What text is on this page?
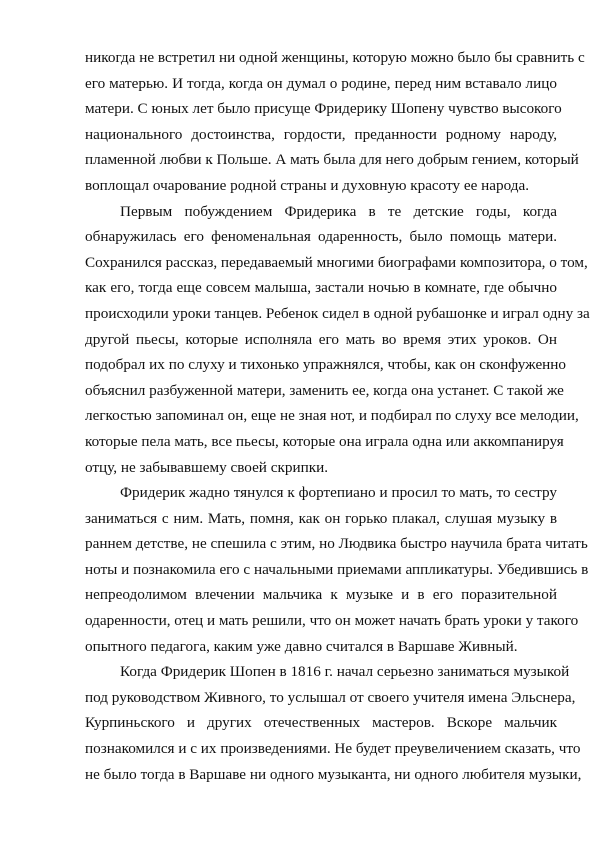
никогда не встретил ни одной женщины, которую можно было бы сравнить с
его матерью. И тогда, когда он думал о родине, перед ним вставало лицо
матери. С юных лет было присуще Фридерику Шопену чувство высокого
национального достоинства, гордости, преданности родному народу,
пламенной любви к Польше. А мать была для него добрым гением, который
воплощал очарование родной страны и духовную красоту ее народа.
Первым побуждением Фридерика в те детские годы, когда
обнаружилась его феноменальная одаренность, было помощь матери.
Сохранился рассказ, передаваемый многими биографами композитора, о том,
как его, тогда еще совсем малыша, застали ночью в комнате, где обычно
происходили уроки танцев. Ребенок сидел в одной рубашонке и играл одну за
другой пьесы, которые исполняла его мать во время этих уроков. Он
подобрал их по слуху и тихонько упражнялся, чтобы, как он сконфуженно
объяснил разбуженной матери, заменить ее, когда она устанет. С такой же
легкостью запоминал он, еще не зная нот, и подбирал по слуху все мелодии,
которые пела мать, все пьесы, которые она играла одна или аккомпанируя
отцу, не забывавшему своей скрипки.
Фридерик жадно тянулся к фортепиано и просил то мать, то сестру
заниматься с ним. Мать, помня, как он горько плакал, слушая музыку в
раннем детстве, не спешила с этим, но Людвика быстро научила брата читать
ноты и познакомила его с начальными приемами аппликатуры. Убедившись в
непреодолимом влечении мальчика к музыке и в его поразительной
одаренности, отец и мать решили, что он может начать брать уроки у такого
опытного педагога, каким уже давно считался в Варшаве Живный.
Когда Фридерик Шопен в 1816 г. начал серьезно заниматься музыкой
под руководством Живного, то услышал от своего учителя имена Эльснера,
Курпиньского и других отечественных мастеров. Вскоре мальчик
познакомился и с их произведениями. Не будет преувеличением сказать, что
не было тогда в Варшаве ни одного музыканта, ни одного любителя музыки,
